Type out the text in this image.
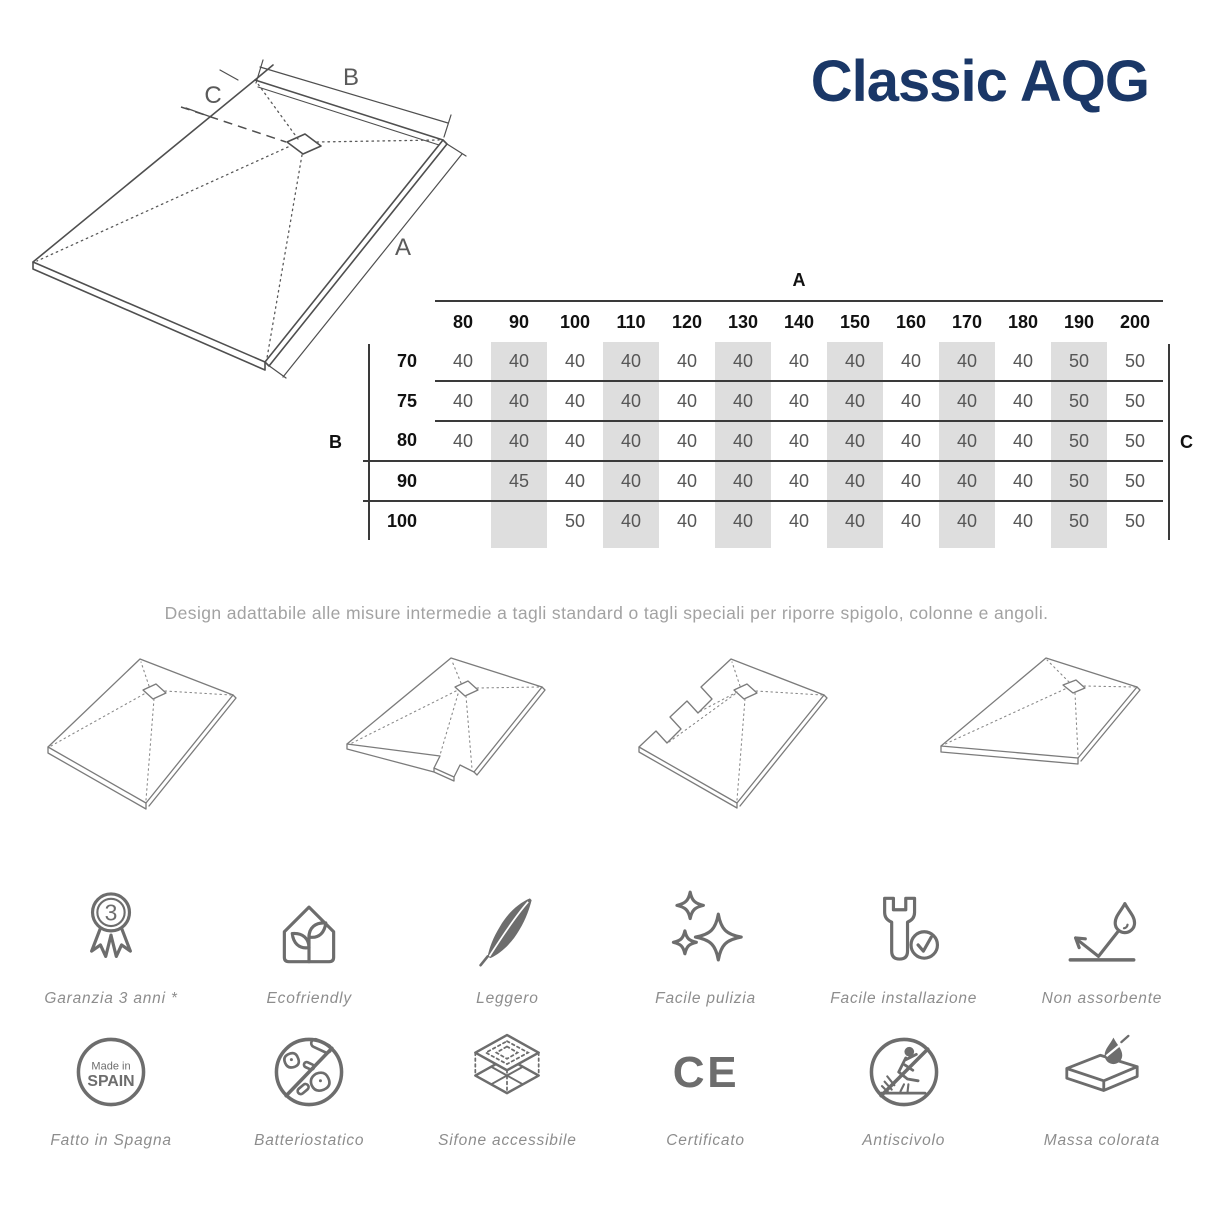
Classic AQG
C
B
A
A
	80	90	100	110	120	130	140	150	160	170	180	190	200
70	40	40	40	40	40	40	40	40	40	40	40	50	50
75	40	40	40	40	40	40	40	40	40	40	40	50	50
80	40	40	40	40	40	40	40	40	40	40	40	50	50
90		45	40	40	40	40	40	40	40	40	40	50	50
100			50	40	40	40	40	40	40	40	40	50	50

B	C
Design adattabile alle misure intermedie a tagli standard o tagli speciali per riporre spigolo, colonne e angoli.
3
Garanzia 3 anni *	Ecofriendly	Leggero	Facile pulizia	Facile installazione	Non assorbente
Made in
SPAIN
Fatto in Spagna	Batteriostatico	Sifone accessibile
CE
Certificato	Antiscivolo	Massa colorata
